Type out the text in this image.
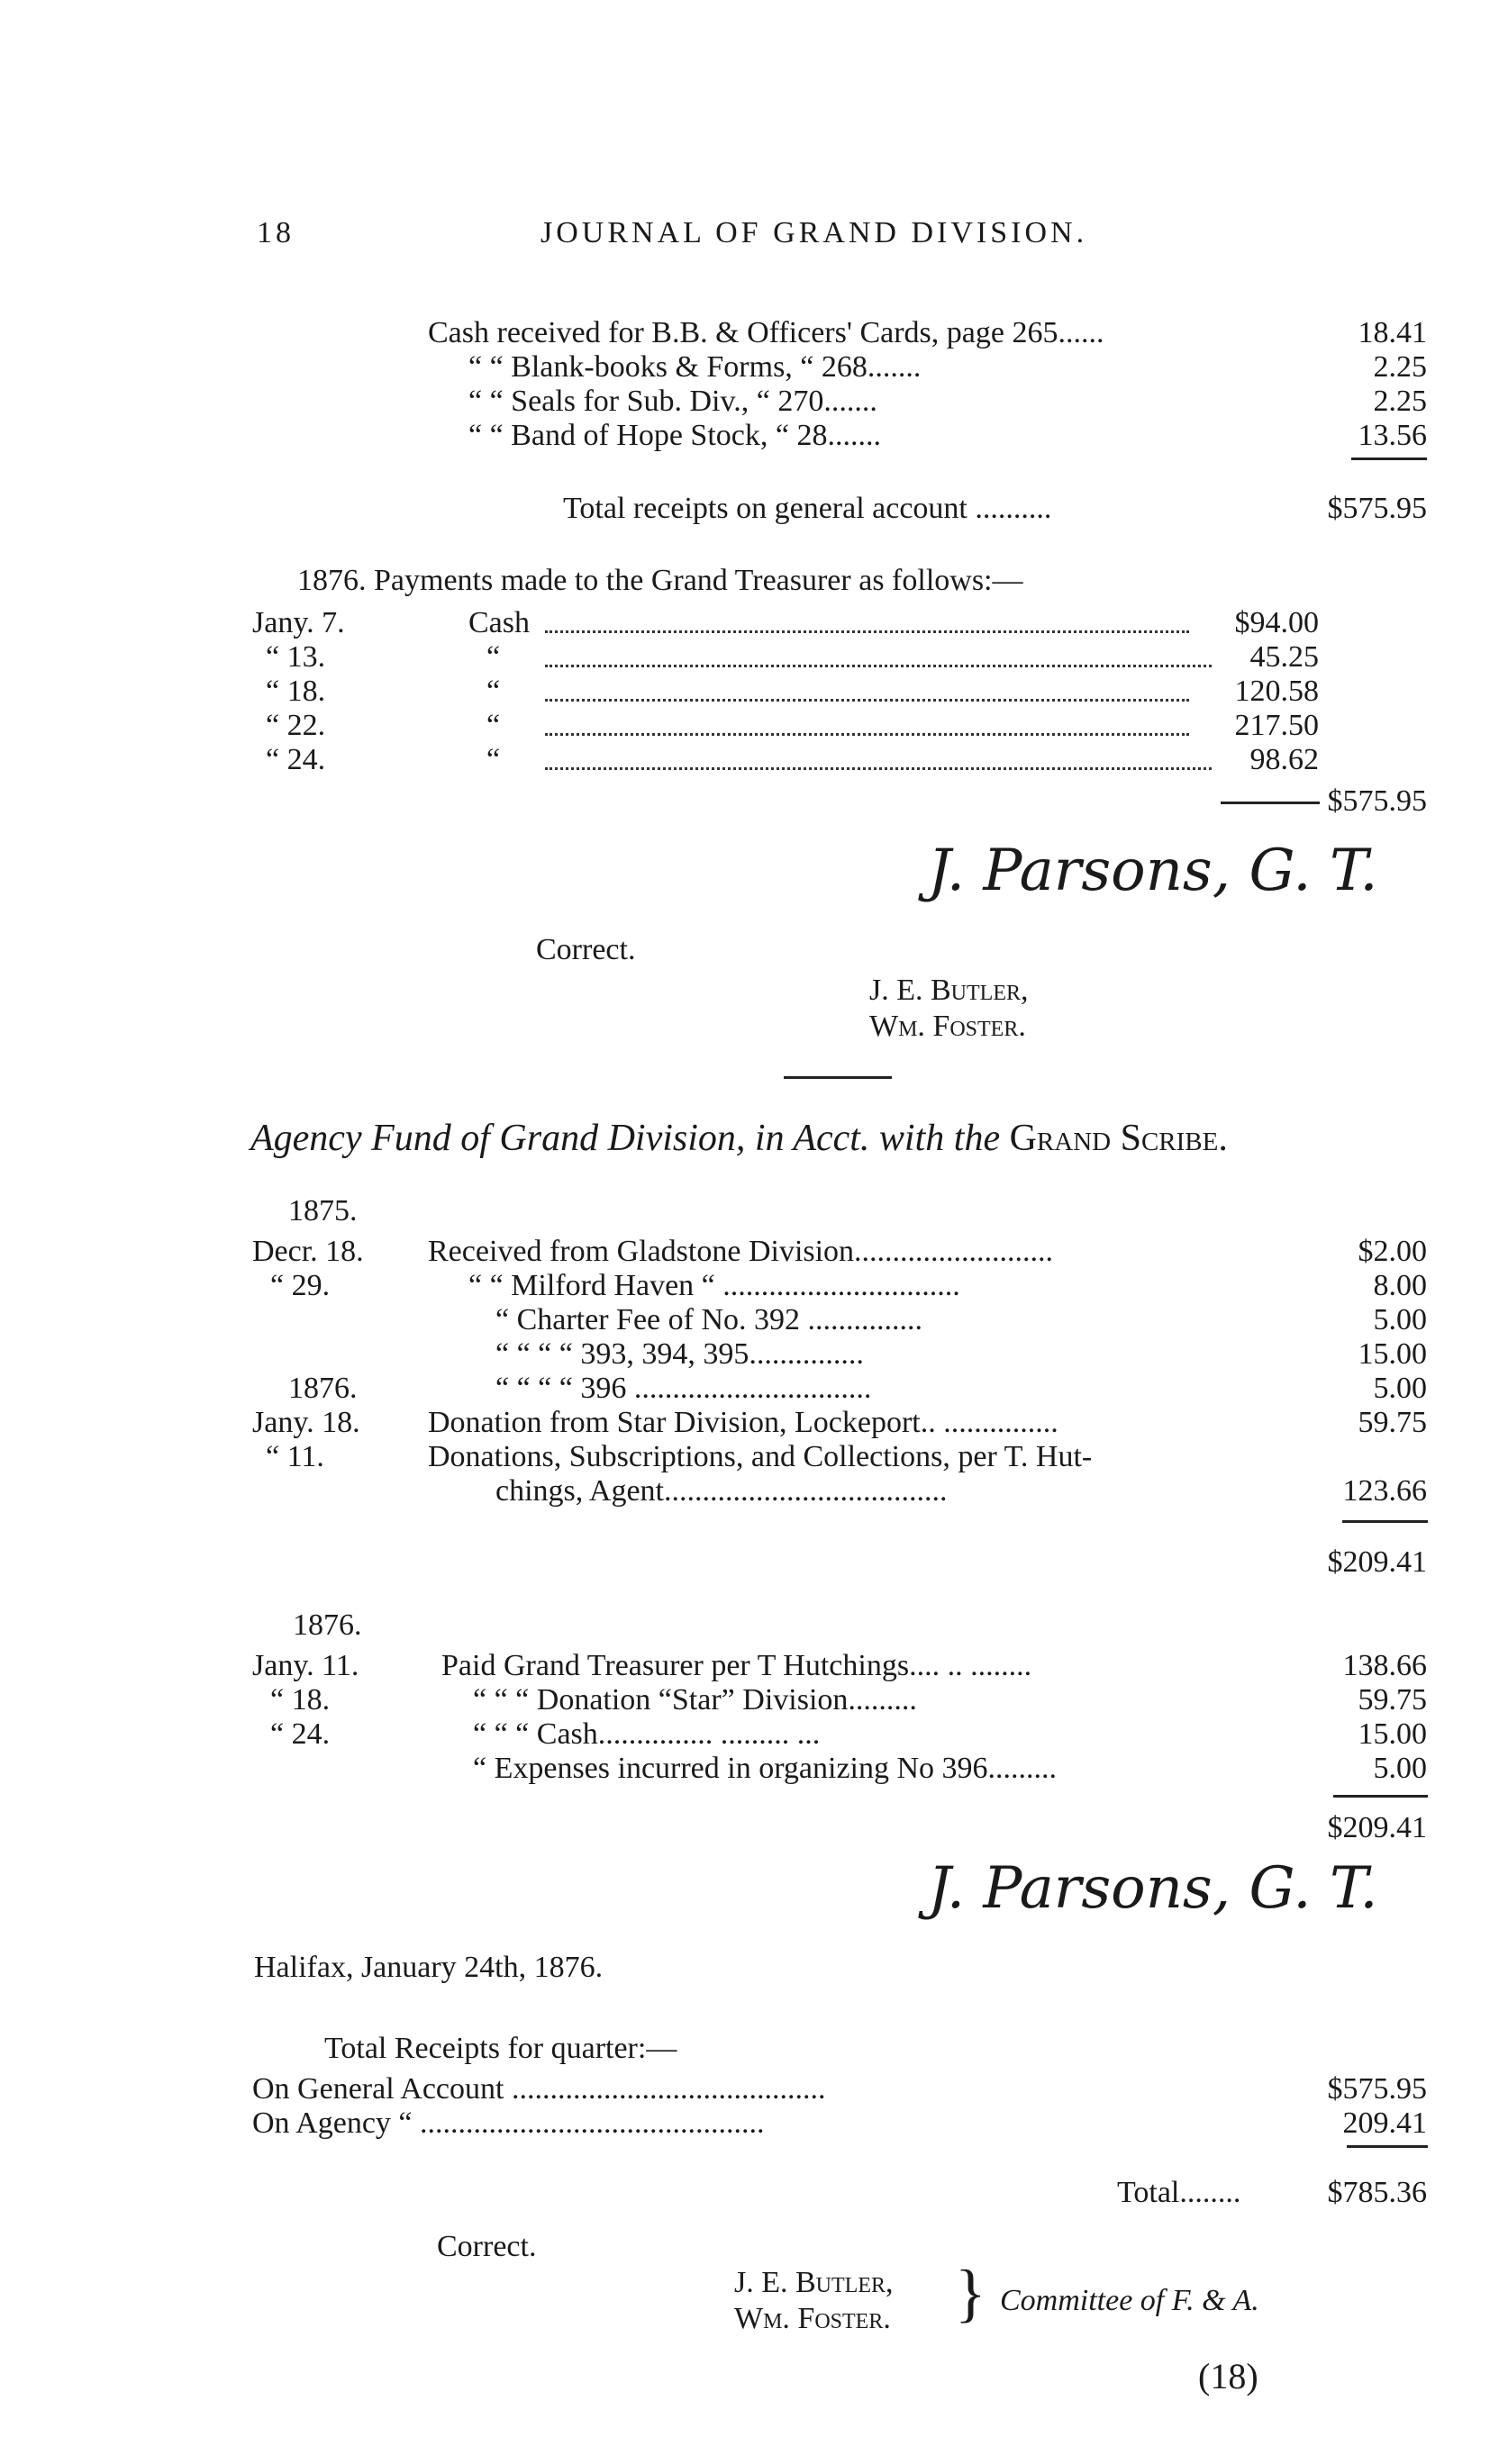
18	JOURNAL OF GRAND DIVISION.
Cash received for B.B. & Officers' Cards, page 265......	18.41
“ “ Blank-books & Forms, “ 268.......	2.25
“ “ Seals for Sub. Div., “ 270.......	2.25
“ “ Band of Hope Stock, “ 28.......	13.56
Total receipts on general account ..........	$575.95
1876. Payments made to the Grand Treasurer as follows:—
Jany. 7.	Cash	$94.00
“ 13.	“	45.25
“ 18.	“	120.58
“ 22.	“	217.50
“ 24.	“	98.62
$575.95
J. Parsons, G. T.
Correct.
J. E. Butler,
Wm. Foster.
Agency Fund of Grand Division, in Acct. with the Grand Scribe.
1875.
Decr. 18. Received from Gladstone Division..........................	$2.00
“ 29.	“ “ Milford Haven “ ...............................	8.00
“ Charter Fee of No. 392 ...............	5.00
“ “ “ “ 393, 394, 395...............	15.00
1876.	“ “ “ “ 396 ...............................	5.00
Jany. 18. Donation from Star Division, Lockeport.. ...............	59.75
“ 11.	Donations, Subscriptions, and Collections, per T. Hut-
chings, Agent.....................................	123.66
$209.41
1876.
Jany. 11.	Paid Grand Treasurer per T Hutchings.... .. ........	138.66
“ 18.	“ “ “ Donation “Star” Division.........	59.75
“ 24.	“ “ “ Cash............... ......... ...	15.00
“ Expenses incurred in organizing No 396.........	5.00
$209.41
J. Parsons, G. T.
Halifax, January 24th, 1876.
Total Receipts for quarter:—
On General Account .........................................	$575.95
On Agency “ .............................................	209.41
Total........	$785.36
Correct.
J. E. Butler,
Wm. Foster. } Committee of F. & A.
(18)
